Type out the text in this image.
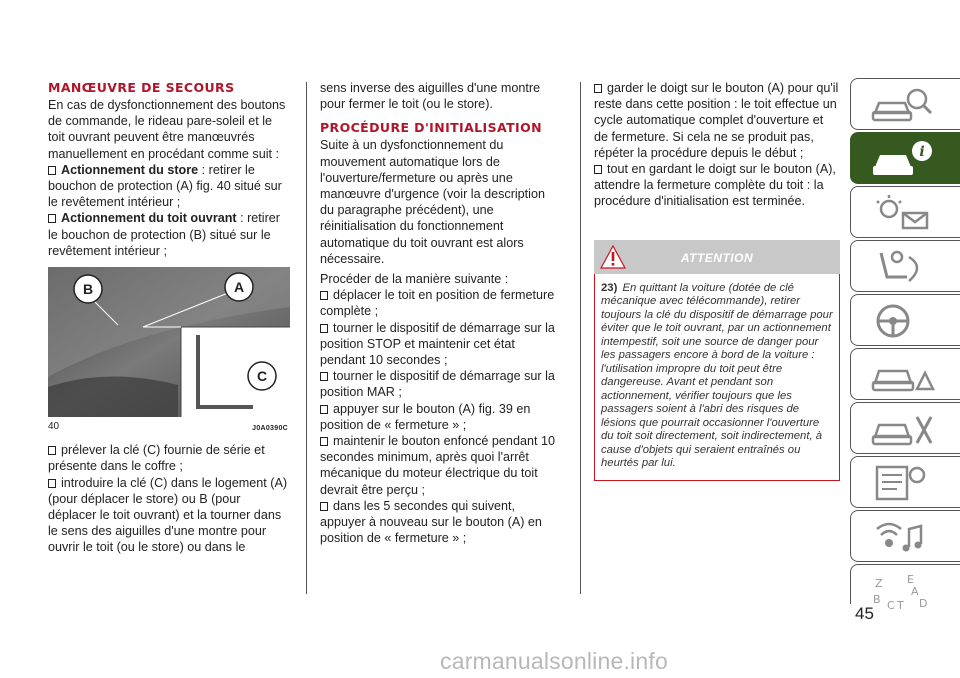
MANŒUVRE DE SECOURS

En cas de dysfonctionnement des boutons de commande, le rideau pare-soleil et le toit ouvrant peuvent être manœuvrés manuellement en procédant comme suit :

Actionnement du store : retirer le bouchon de protection (A) fig. 40 situé sur le revêtement intérieur ;

Actionnement du toit ouvrant : retirer le bouchon de protection (B) situé sur le revêtement intérieur ;

B	A
C
40	J0A0390C

prélever la clé (C) fournie de série et présente dans le coffre ;

introduire la clé (C) dans le logement (A) (pour déplacer le store) ou B (pour déplacer le toit ouvrant) et la tourner dans le sens des aiguilles d'une montre pour ouvrir le toit (ou le store) ou dans le

sens inverse des aiguilles d'une montre pour fermer le toit (ou le store).

PROCÉDURE D'INITIALISATION

Suite à un dysfonctionnement du mouvement automatique lors de l'ouverture/fermeture ou après une manœuvre d'urgence (voir la description du paragraphe précédent), une réinitialisation du fonctionnement automatique du toit ouvrant est alors nécessaire.

Procéder de la manière suivante :

déplacer le toit en position de fermeture complète ;

tourner le dispositif de démarrage sur la position STOP et maintenir cet état pendant 10 secondes ;

tourner le dispositif de démarrage sur la position MAR ;

appuyer sur le bouton (A) fig. 39 en position de « fermeture » ;

maintenir le bouton enfoncé pendant 10 secondes minimum, après quoi l'arrêt mécanique du moteur électrique du toit devrait être perçu ;

dans les 5 secondes qui suivent, appuyer à nouveau sur le bouton (A) en position de « fermeture » ;

garder le doigt sur le bouton (A) pour qu'il reste dans cette position : le toit effectue un cycle automatique complet d'ouverture et de fermeture. Si cela ne se produit pas, répéter la procédure depuis le début ;

tout en gardant le doigt sur le bouton (A), attendre la fermeture complète du toit : la procédure d'initialisation est terminée.

ATTENTION
23) En quittant la voiture (dotée de clé mécanique avec télécommande), retirer toujours la clé du dispositif de démarrage pour éviter que le toit ouvrant, par un actionnement intempestif, soit une source de danger pour les passagers encore à bord de la voiture : l'utilisation impropre du toit peut être dangereuse. Avant et pendant son actionnement, vérifier toujours que les passagers soient à l'abri des risques de lésions que pourrait occasionner l'ouverture du toit soit directement, soit indirectement, à cause d'objets qui seraient entraînés ou heurtés par lui.
i
Z E
A
B C T D
45
carmanualsonline.info
